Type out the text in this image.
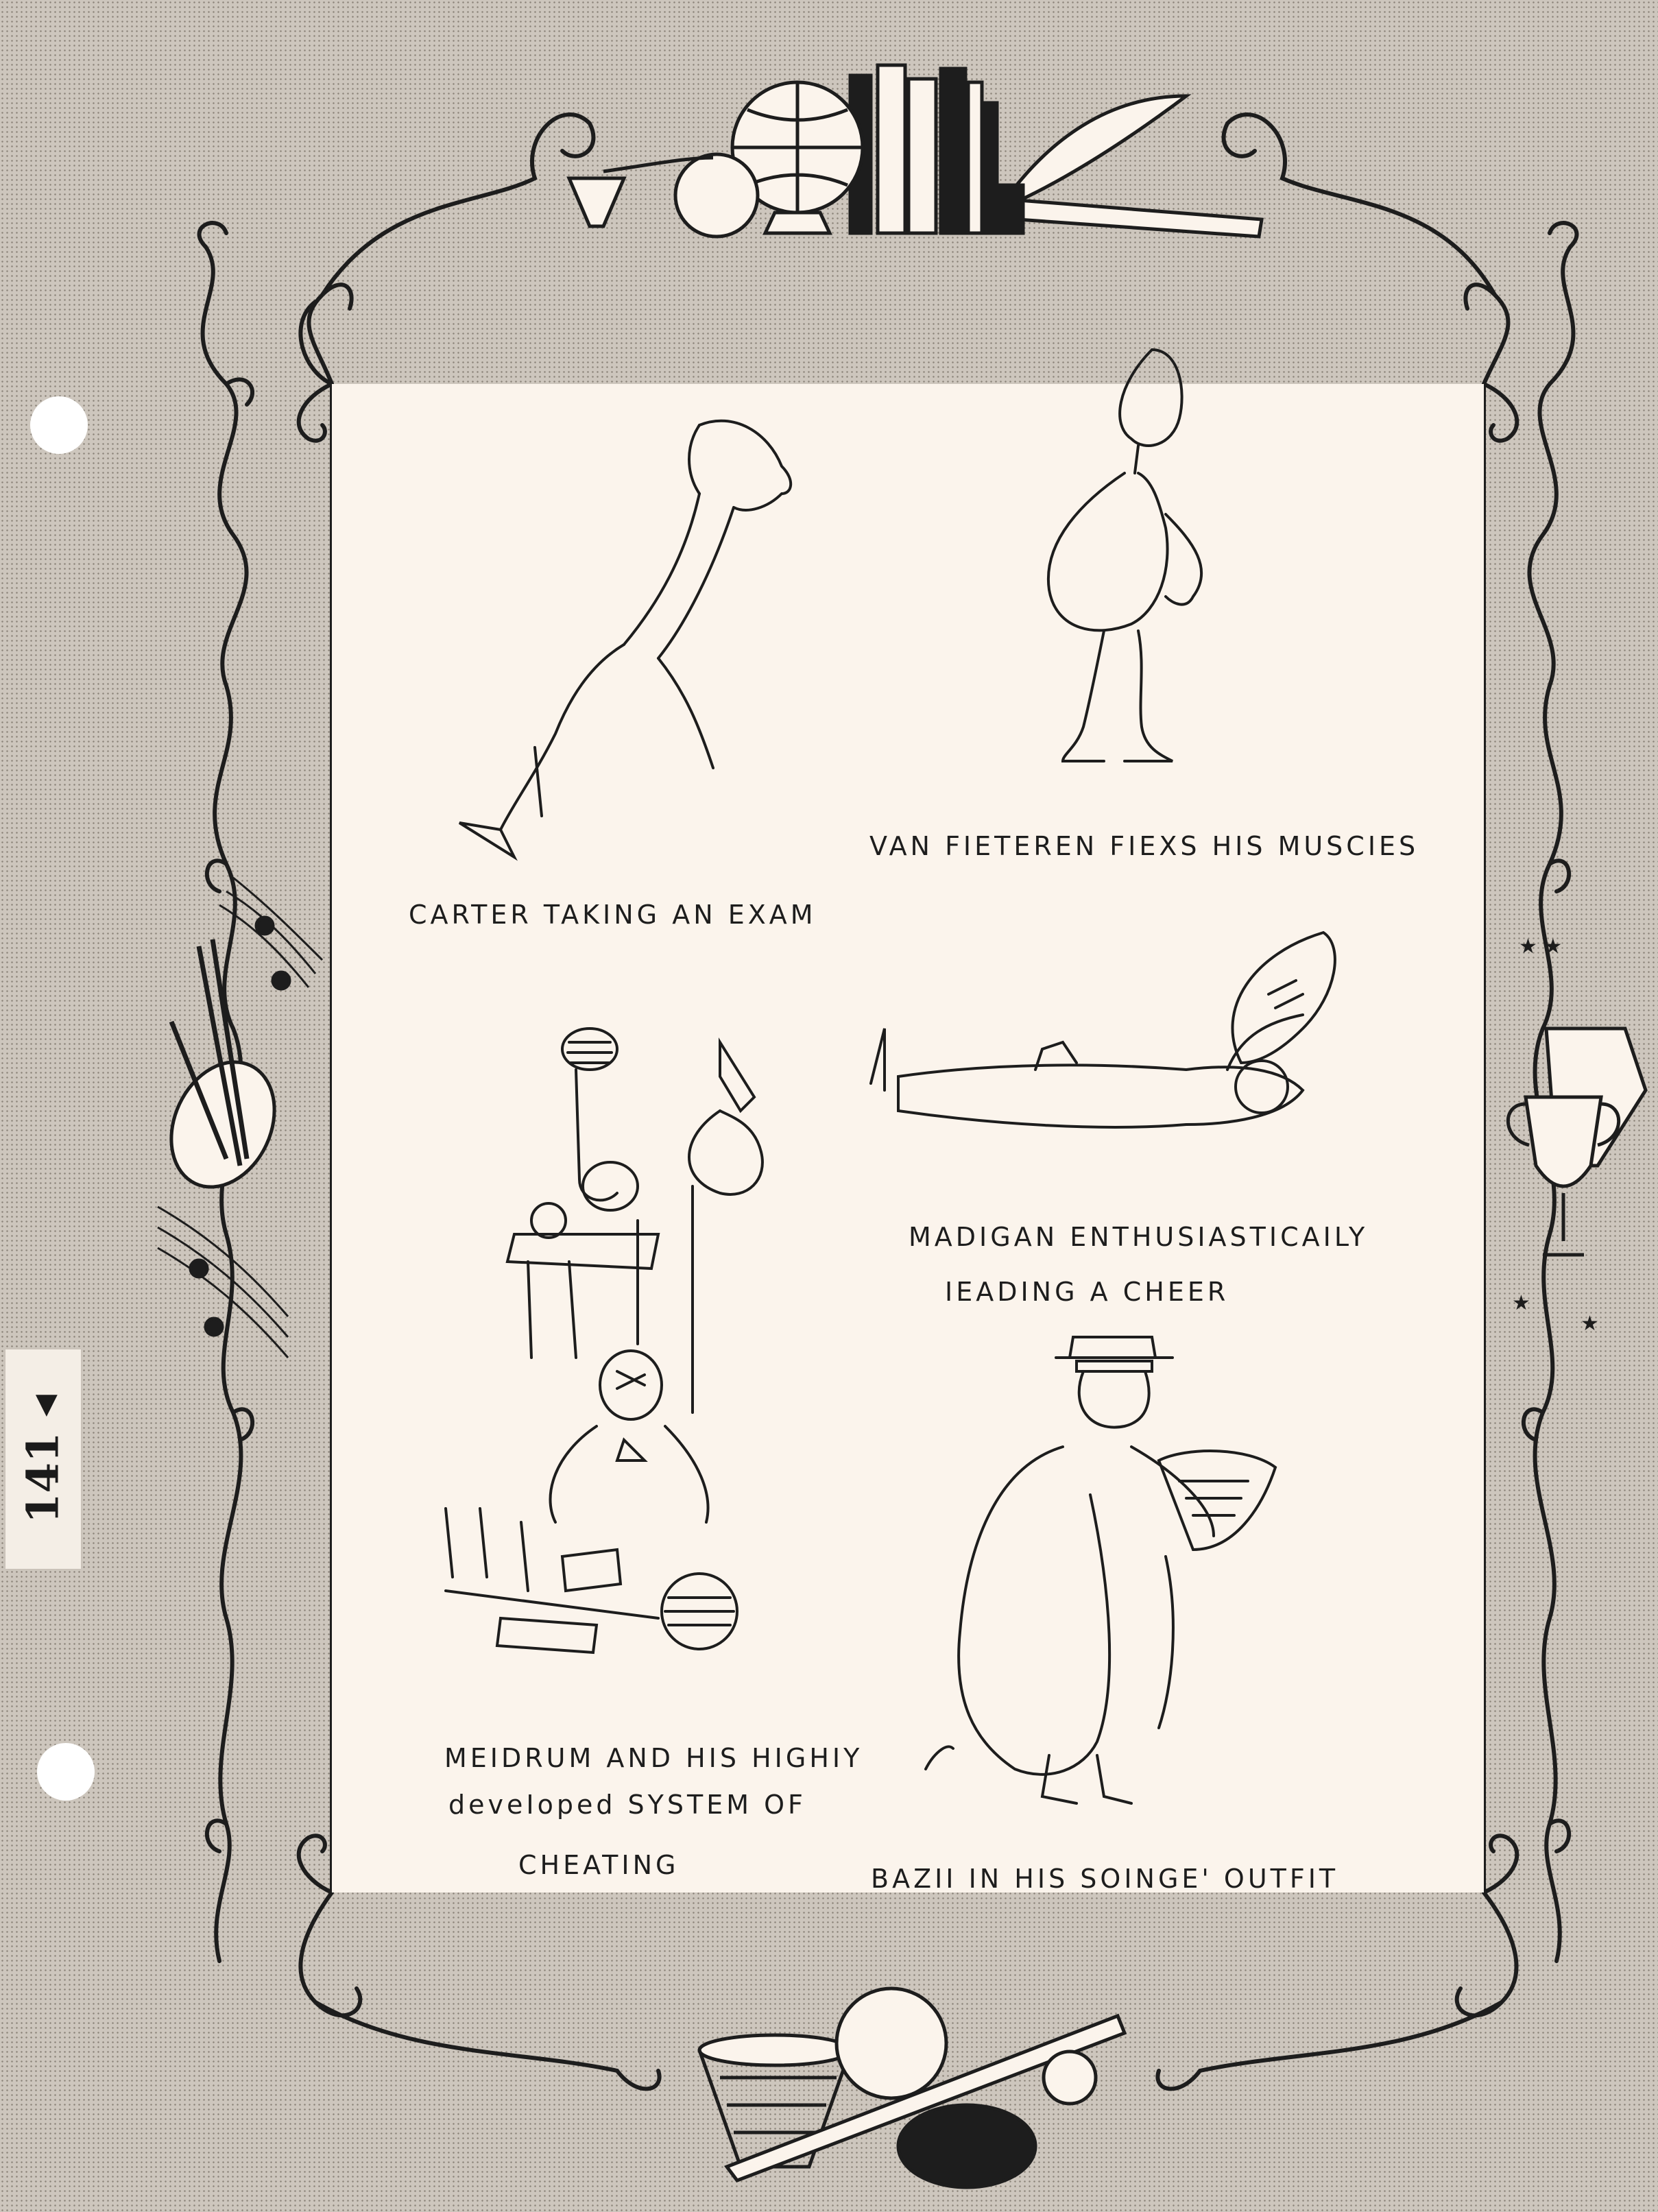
141 ◂
★ ★
★
★
CARTER TAKING AN EXAM
VAN FIETEREN FIEXS HIS MUSCIES
MADIGAN ENTHUSIASTICAILY
IEADING A CHEER
MEIDRUM AND HIS HIGHIY
deveIoped SYSTEM OF
CHEATING	BAZII IN HIS SOINGE' OUTFIT
